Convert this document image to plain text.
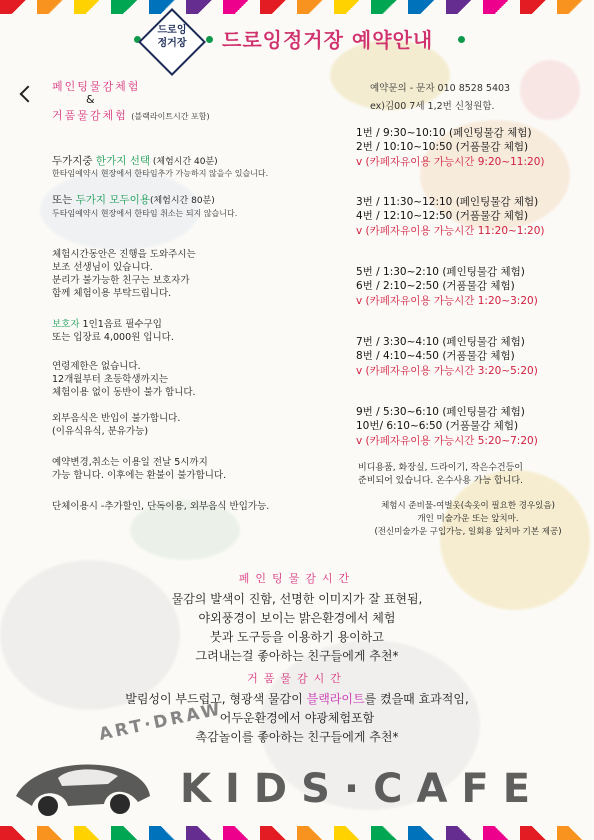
드로잉
정거장	드로잉정거장 예약안내
페인팅물감체험
&
거품물감체험 (블랙라이트시간 포함)
예약문의 - 문자 010 8528 5403
ex)김00 7세 1,2번 신청원함.
두가지중 한가지 선택 (체험시간 40분)
한타임예약시 현장에서 한타임추가 가능하지 않을수 있습니다.
또는 두가지 모두이용(체험시간 80분)
두타임예약시 현장에서 한타임 취소는 되지 않습니다.
체험시간동안은 진행을 도와주시는
보조 선생님이 있습니다.
분리가 불가능한 친구는 보호자가
함께 체험이용 부탁드립니다.
보호자 1인1음료 필수구입
또는 입장료 4,000원 입니다.
연령제한은 없습니다.
12개월부터 초등학생까지는
체험이용 없이 동반이 불가 합니다.
외부음식은 반입이 불가합니다.
(이유식유식, 분유가능)
예약변경,취소는 이용일 전날 5시까지
가능 합니다. 이후에는 환불이 불가합니다.
단체이용시 -추가할인, 단독이용, 외부음식 반입가능.
1번 / 9:30~10:10 (페인팅물감 체험)
2번 / 10:10~10:50 (거품물감 체험)
v (카페자유이용 가능시간 9:20~11:20)
3번 / 11:30~12:10 (페인팅물감 체험)
4번 / 12:10~12:50 (거품물감 체험)
v (카페자유이용 가능시간 11:20~1:20)
5번 / 1:30~2:10 (페인팅물감 체험)
6번 / 2:10~2:50 (거품물감 체험)
v (카페자유이용 가능시간 1:20~3:20)
7번 / 3:30~4:10 (페인팅물감 체험)
8번 / 4:10~4:50 (거품물감 체험)
v (카페자유이용 가능시간 3:20~5:20)
9번 / 5:30~6:10 (페인팅물감 체험)
10번/ 6:10~6:50 (거품물감 체험)
v (카페자유이용 가능시간 5:20~7:20)
비디용품, 화장실, 드라이기, 작은수건등이
준비되어 있습니다. 온수사용 가능 합니다.
체험시 준비물-여벌옷(속옷이 필요한 경우있음)
개인 미술가운 또는 앞치마.
(전신미술가운 구입가능, 일회용 앞치마 기본 제공)
페인팅물감시간
물감의 발색이 진함, 선명한 이미지가 잘 표현됨,
야외풍경이 보이는 밝은환경에서 체험
붓과 도구등을 이용하기 용이하고
그려내는걸 좋아하는 친구들에게 추천*
거품물감시간
발림성이 부드럽고, 형광색 물감이 블랙라이트를 켰을때 효과적임,
어두운환경에서 야광체험포함
촉감놀이를 좋아하는 친구들에게 추천*
ART·DRAW
KIDS·CAFE
